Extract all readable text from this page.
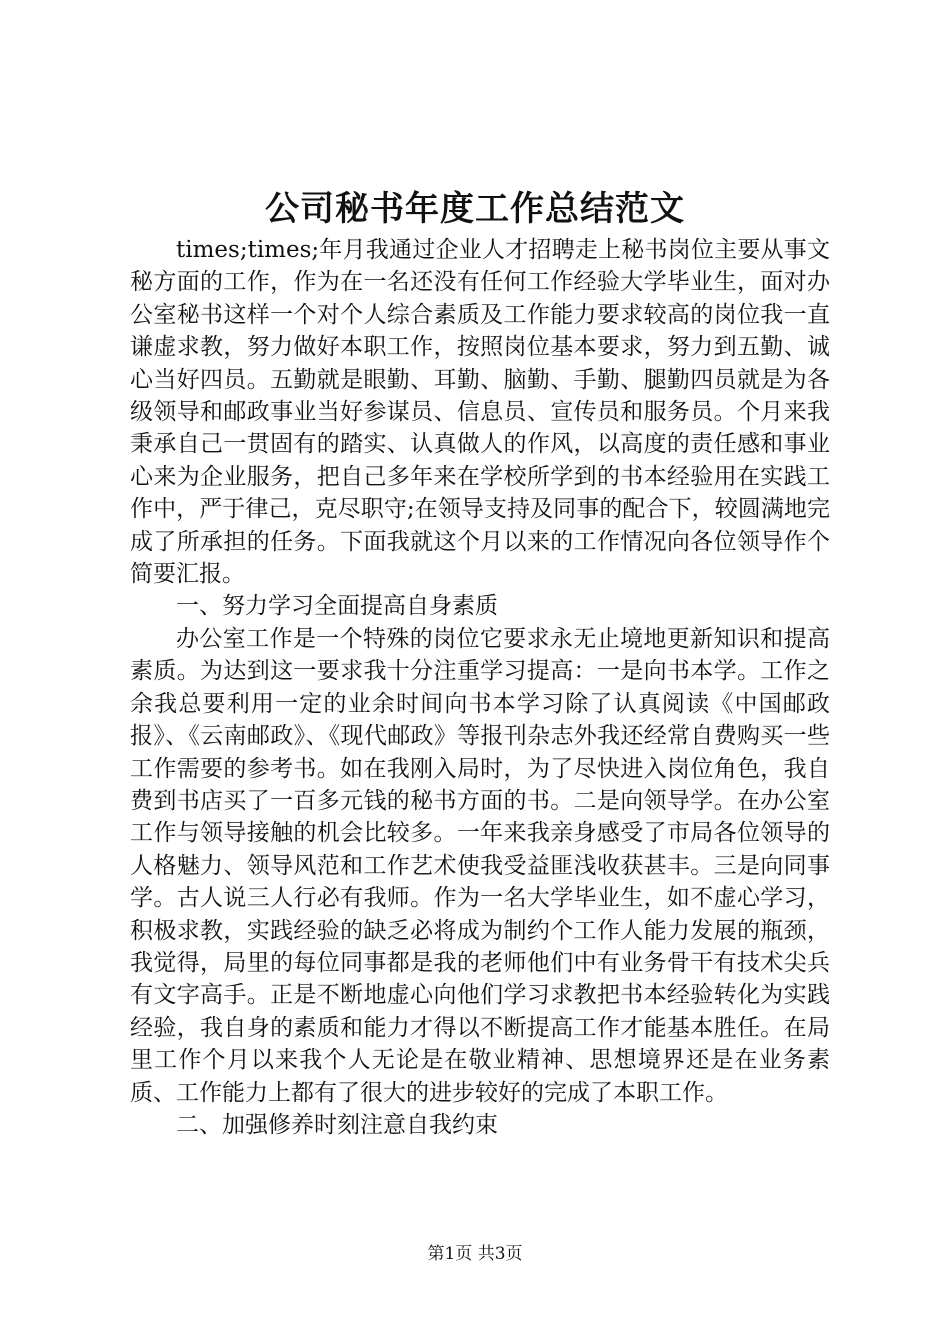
公司秘书年度工作总结范文

times;times;年月我通过企业人才招聘走上秘书岗位主要从事文秘方面的工作，作为在一名还没有任何工作经验大学毕业生，面对办公室秘书这样一个对个人综合素质及工作能力要求较高的岗位我一直谦虚求教，努力做好本职工作，按照岗位基本要求，努力到五勤、诚心当好四员。五勤就是眼勤、耳勤、脑勤、手勤、腿勤四员就是为各级领导和邮政事业当好参谋员、信息员、宣传员和服务员。个月来我秉承自己一贯固有的踏实、认真做人的作风，以高度的责任感和事业心来为企业服务，把自己多年来在学校所学到的书本经验用在实践工作中，严于律己，克尽职守;在领导支持及同事的配合下，较圆满地完成了所承担的任务。下面我就这个月以来的工作情况向各位领导作个简要汇报。

一、努力学习全面提高自身素质

办公室工作是一个特殊的岗位它要求永无止境地更新知识和提高素质。为达到这一要求我十分注重学习提高：一是向书本学。工作之余我总要利用一定的业余时间向书本学习除了认真阅读《中国邮政报》、《云南邮政》、《现代邮政》等报刊杂志外我还经常自费购买一些工作需要的参考书。如在我刚入局时，为了尽快进入岗位角色，我自费到书店买了一百多元钱的秘书方面的书。二是向领导学。在办公室工作与领导接触的机会比较多。一年来我亲身感受了市局各位领导的人格魅力、领导风范和工作艺术使我受益匪浅收获甚丰。三是向同事学。古人说三人行必有我师。作为一名大学毕业生，如不虚心学习，积极求教，实践经验的缺乏必将成为制约个工作人能力发展的瓶颈，我觉得，局里的每位同事都是我的老师他们中有业务骨干有技术尖兵有文字高手。正是不断地虚心向他们学习求教把书本经验转化为实践经验，我自身的素质和能力才得以不断提高工作才能基本胜任。在局里工作个月以来我个人无论是在敬业精神、思想境界还是在业务素质、工作能力上都有了很大的进步较好的完成了本职工作。

二、加强修养时刻注意自我约束

第1页 共3页
